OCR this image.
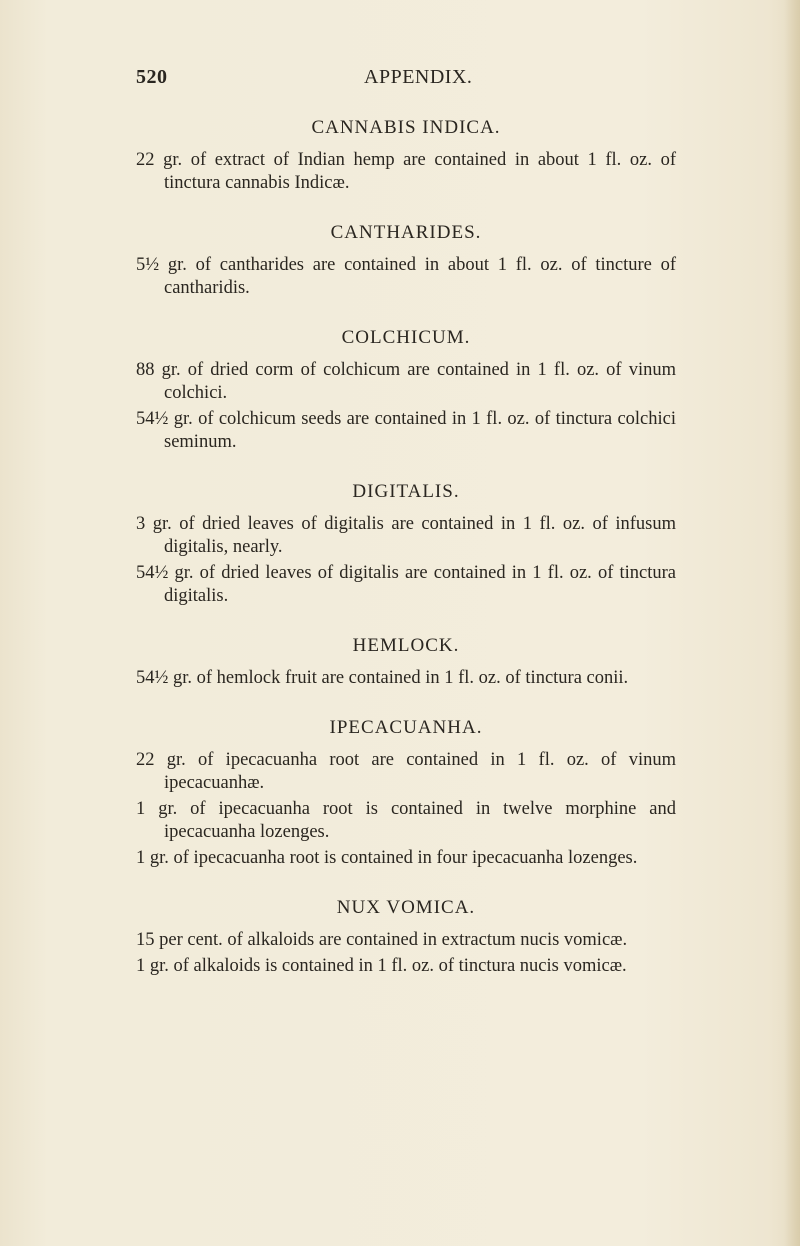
520	APPENDIX.
CANNABIS INDICA.

22 gr. of extract of Indian hemp are contained in about 1 fl. oz. of tinctura cannabis Indicæ.

CANTHARIDES.

5½ gr. of cantharides are contained in about 1 fl. oz. of tincture of cantharidis.

COLCHICUM.

88 gr. of dried corm of colchicum are contained in 1 fl. oz. of vinum colchici.

54½ gr. of colchicum seeds are contained in 1 fl. oz. of tinctura colchici seminum.

DIGITALIS.

3 gr. of dried leaves of digitalis are contained in 1 fl. oz. of infusum digitalis, nearly.

54½ gr. of dried leaves of digitalis are contained in 1 fl. oz. of tinctura digitalis.

HEMLOCK.

54½ gr. of hemlock fruit are contained in 1 fl. oz. of tinctura conii.

IPECACUANHA.

22 gr. of ipecacuanha root are contained in 1 fl. oz. of vinum ipecacuanhæ.

1 gr. of ipecacuanha root is contained in twelve morphine and ipecacuanha lozenges.

1 gr. of ipecacuanha root is contained in four ipecacuanha lozenges.

NUX VOMICA.

15 per cent. of alkaloids are contained in extractum nucis vomicæ.

1 gr. of alkaloids is contained in 1 fl. oz. of tinctura nucis vomicæ.
